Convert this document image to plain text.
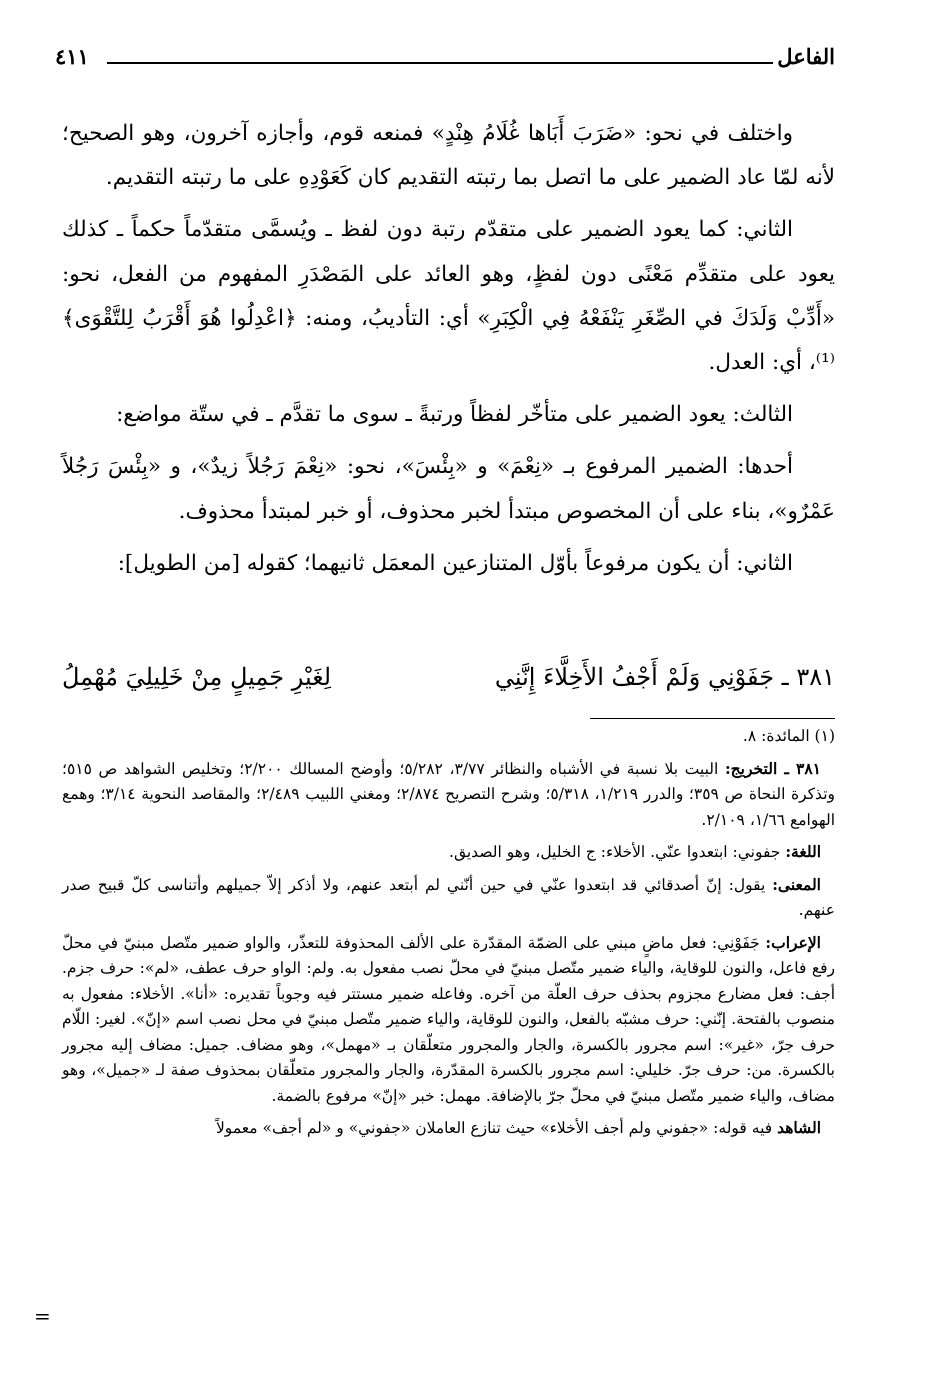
الفاعل
٤١١

واختلف في نحو: «ضَرَبَ أَبَاها غُلَامُ هِنْدٍ» فمنعه قوم، وأجازه آخرون، وهو الصحيح؛ لأنه لمّا عاد الضمير على ما اتصل بما رتبته التقديم كان كَعَوْدِهِ على ما رتبته التقديم.

الثاني: كما يعود الضمير على متقدّم رتبة دون لفظ ـ ويُسمَّى متقدّماً حكماً ـ كذلك يعود على متقدِّم مَعْنًى دون لفظٍ، وهو العائد على المَصْدَرِ المفهوم من الفعل، نحو: «أَدِّبْ وَلَدَكَ في الصِّغَرِ يَنْفَعْهُ فِي الْكِبَرِ» أي: التأديبُ، ومنه: ﴿اعْدِلُوا هُوَ أَقْرَبُ لِلتَّقْوَى﴾⁽¹⁾، أي: العدل.

الثالث: يعود الضمير على متأخّر لفظاً ورتبةً ـ سوى ما تقدَّم ـ في ستّة مواضع:

أحدها: الضمير المرفوع بـ «نِعْمَ» و «بِئْسَ»، نحو: «نِعْمَ رَجُلاً زيدٌ»، و «بِئْسَ رَجُلاً عَمْرٌو»، بناء على أن المخصوص مبتدأ لخبر محذوف، أو خبر لمبتدأ محذوف.

الثاني: أن يكون مرفوعاً بأوّل المتنازعين المعمَل ثانيهما؛ كقوله [من الطويل]:

٣٨١ ـ جَفَوْنِي وَلَمْ أَجْفُ الأَخِلَّاءَ إِنَّنِي
لِغَيْرِ جَمِيلٍ مِنْ خَلِيلِيَ مُهْمِلُ

(١) المائدة: ٨.

٣٨١ ـ التخريج: البيت بلا نسبة في الأشباه والنظائر ٣/٧٧، ٥/٢٨٢؛ وأوضح المسالك ٢/٢٠٠؛ وتخليص الشواهد ص ٥١٥؛ وتذكرة النحاة ص ٣٥٩؛ والدرر ١/٢١٩، ٥/٣١٨؛ وشرح التصريح ٢/٨٧٤؛ ومغني اللبيب ٢/٤٨٩؛ والمقاصد النحوية ٣/١٤؛ وهمع الهوامع ١/٦٦، ٢/١٠٩.

اللغة: جفوني: ابتعدوا عنّي. الأخلاء: ج الخليل، وهو الصديق.

المعنى: يقول: إنّ أصدقائي قد ابتعدوا عنّي في حين أنّني لم أبتعد عنهم، ولا أذكر إلاّ جميلهم وأتناسى كلّ قبيح صدر عنهم.

الإعراب: جَفَوْنِي: فعل ماضٍ مبني على الضمّة المقدّرة على الألف المحذوفة للتعذّر، والواو ضمير متّصل مبنيّ في محلّ رفع فاعل، والنون للوقاية، والياء ضمير متّصل مبنيّ في محلّ نصب مفعول به. ولم: الواو حرف عطف، «لم»: حرف جزم. أجف: فعل مضارع مجزوم بحذف حرف العلّة من آخره. وفاعله ضمير مستتر فيه وجوباً تقديره: «أنا». الأخلاء: مفعول به منصوب بالفتحة. إنّني: حرف مشبّه بالفعل، والنون للوقاية، والياء ضمير متّصل مبنيّ في محل نصب اسم «إنّ». لغير: اللّام حرف جرّ، «غير»: اسم مجرور بالكسرة، والجار والمجرور متعلّقان بـ «مهمل»، وهو مضاف. جميل: مضاف إليه مجرور بالكسرة. من: حرف جرّ. خليلي: اسم مجرور بالكسرة المقدّرة، والجار والمجرور متعلّقان بمحذوف صفة لـ «جميل»، وهو مضاف، والياء ضمير متّصل مبنيّ في محلّ جرّ بالإضافة. مهمل: خبر «إنّ» مرفوع بالضمة.

الشاهد فيه قوله: «جفوني ولم أجف الأخلاء» حيث تنازع العاملان «جفوني» و «لم أجف» معمولاً

=
